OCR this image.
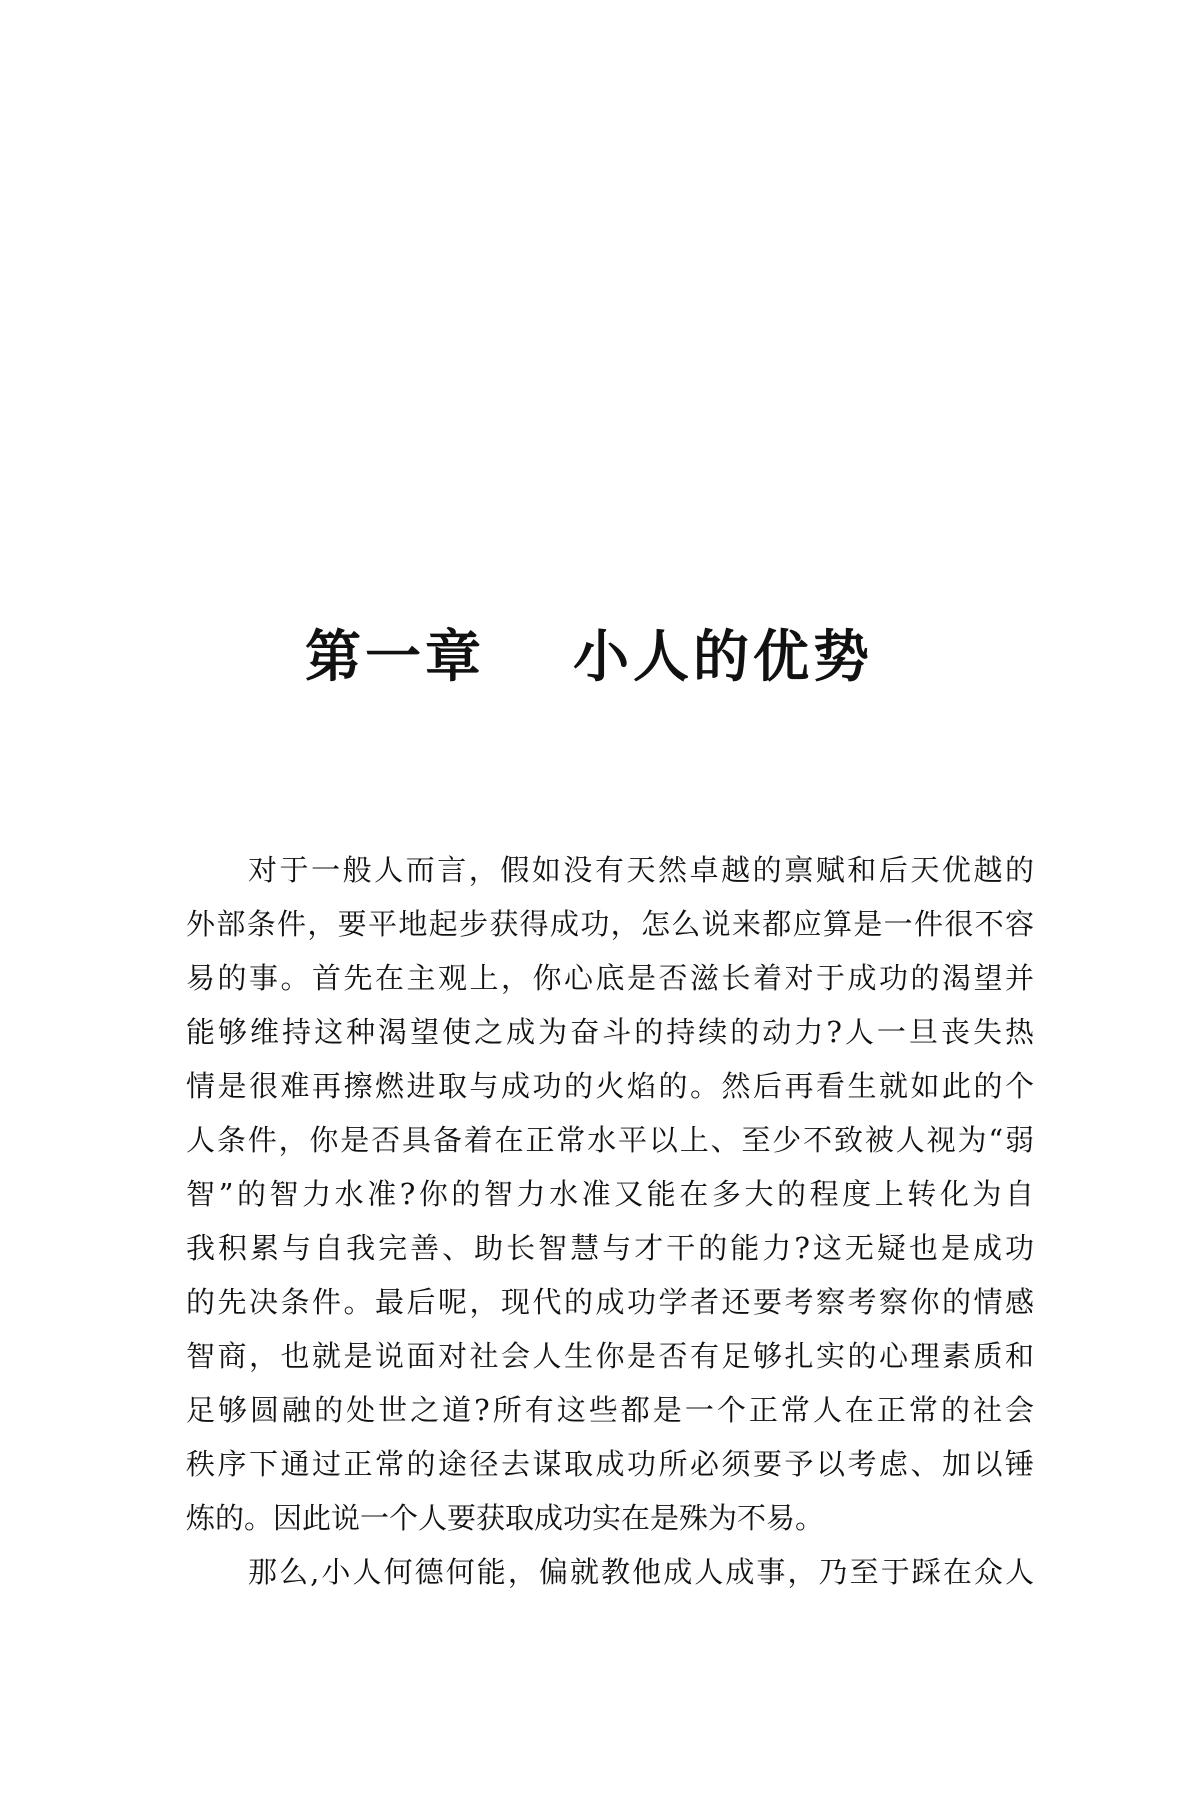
第一章 小人的优势
对于一般人而言，假如没有天然卓越的禀赋和后天优越的
外部条件，要平地起步获得成功，怎么说来都应算是一件很不容
易的事。首先在主观上，你心底是否滋长着对于成功的渴望并
能够维持这种渴望使之成为奋斗的持续的动力?人一旦丧失热
情是很难再擦燃进取与成功的火焰的。然后再看生就如此的个
人条件，你是否具备着在正常水平以上、至少不致被人视为“弱
智”的智力水准?你的智力水准又能在多大的程度上转化为自
我积累与自我完善、助长智慧与才干的能力?这无疑也是成功
的先决条件。最后呢，现代的成功学者还要考察考察你的情感
智商，也就是说面对社会人生你是否有足够扎实的心理素质和
足够圆融的处世之道?所有这些都是一个正常人在正常的社会
秩序下通过正常的途径去谋取成功所必须要予以考虑、加以锤
炼的。因此说一个人要获取成功实在是殊为不易。
那么,小人何德何能，偏就教他成人成事，乃至于踩在众人
